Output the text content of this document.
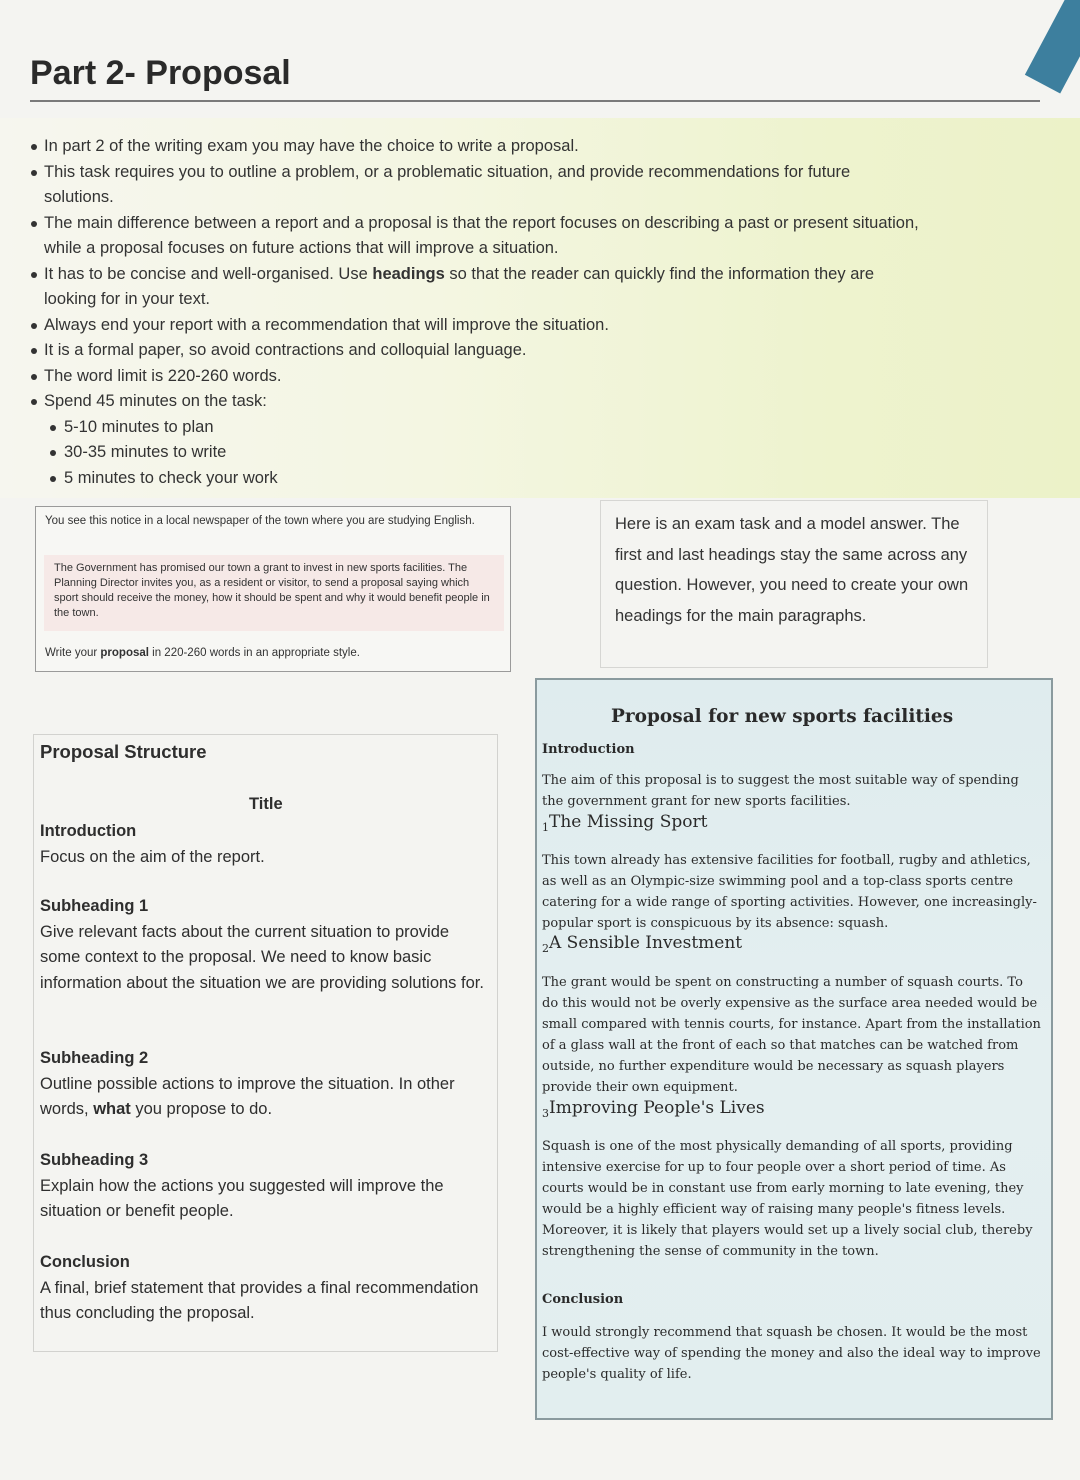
Part 2- Proposal
In part 2 of the writing exam you may have the choice to write a proposal.
This task requires you to outline a problem, or a problematic situation, and provide recommendations for future
solutions.
The main difference between a report and a proposal is that the report focuses on describing a past or present situation,
while a proposal focuses on future actions that will improve a situation.
It has to be concise and well-organised. Use headings so that the reader can quickly find the information they are
looking for in your text.
Always end your report with a recommendation that will improve the situation.
It is a formal paper, so avoid contractions and colloquial language.
The word limit is 220-260 words.
Spend 45 minutes on the task:
5-10 minutes to plan
30-35 minutes to write
5 minutes to check your work
You see this notice in a local newspaper of the town where you are studying English.
The Government has promised our town a grant to invest in new sports facilities. The Planning Director invites you, as a resident or visitor, to send a proposal saying which sport should receive the money, how it should be spent and why it would benefit people in the town.
Write your proposal in 220-260 words in an appropriate style.
Here is an exam task and a model answer. The first and last headings stay the same across any question. However, you need to create your own headings for the main paragraphs.
Proposal Structure
Title
Introduction
Focus on the aim of the report.
Subheading 1
Give relevant facts about the current situation to provide some context to the proposal. We need to know basic information about the situation we are providing solutions for.
Subheading 2
Outline possible actions to improve the situation. In other words, what you propose to do.
Subheading 3
Explain how the actions you suggested will improve the situation or benefit people.
Conclusion
A final, brief statement that provides a final recommendation thus concluding the proposal.
Proposal for new sports facilities
Introduction
The aim of this proposal is to suggest the most suitable way of spending the government grant for new sports facilities.
$_1$The Missing Sport
This town already has extensive facilities for football, rugby and athletics, as well as an Olympic-size swimming pool and a top-class sports centre catering for a wide range of sporting activities. However, one increasingly-popular sport is conspicuous by its absence: squash.
$_2$A Sensible Investment
The grant would be spent on constructing a number of squash courts. To do this would not be overly expensive as the surface area needed would be small compared with tennis courts, for instance. Apart from the installation of a glass wall at the front of each so that matches can be watched from outside, no further expenditure would be necessary as squash players provide their own equipment.
$_3$Improving People's Lives
Squash is one of the most physically demanding of all sports, providing intensive exercise for up to four people over a short period of time. As courts would be in constant use from early morning to late evening, they would be a highly efficient way of raising many people's fitness levels. Moreover, it is likely that players would set up a lively social club, thereby strengthening the sense of community in the town.
Conclusion
I would strongly recommend that squash be chosen. It would be the most cost-effective way of spending the money and also the ideal way to improve people's quality of life.
